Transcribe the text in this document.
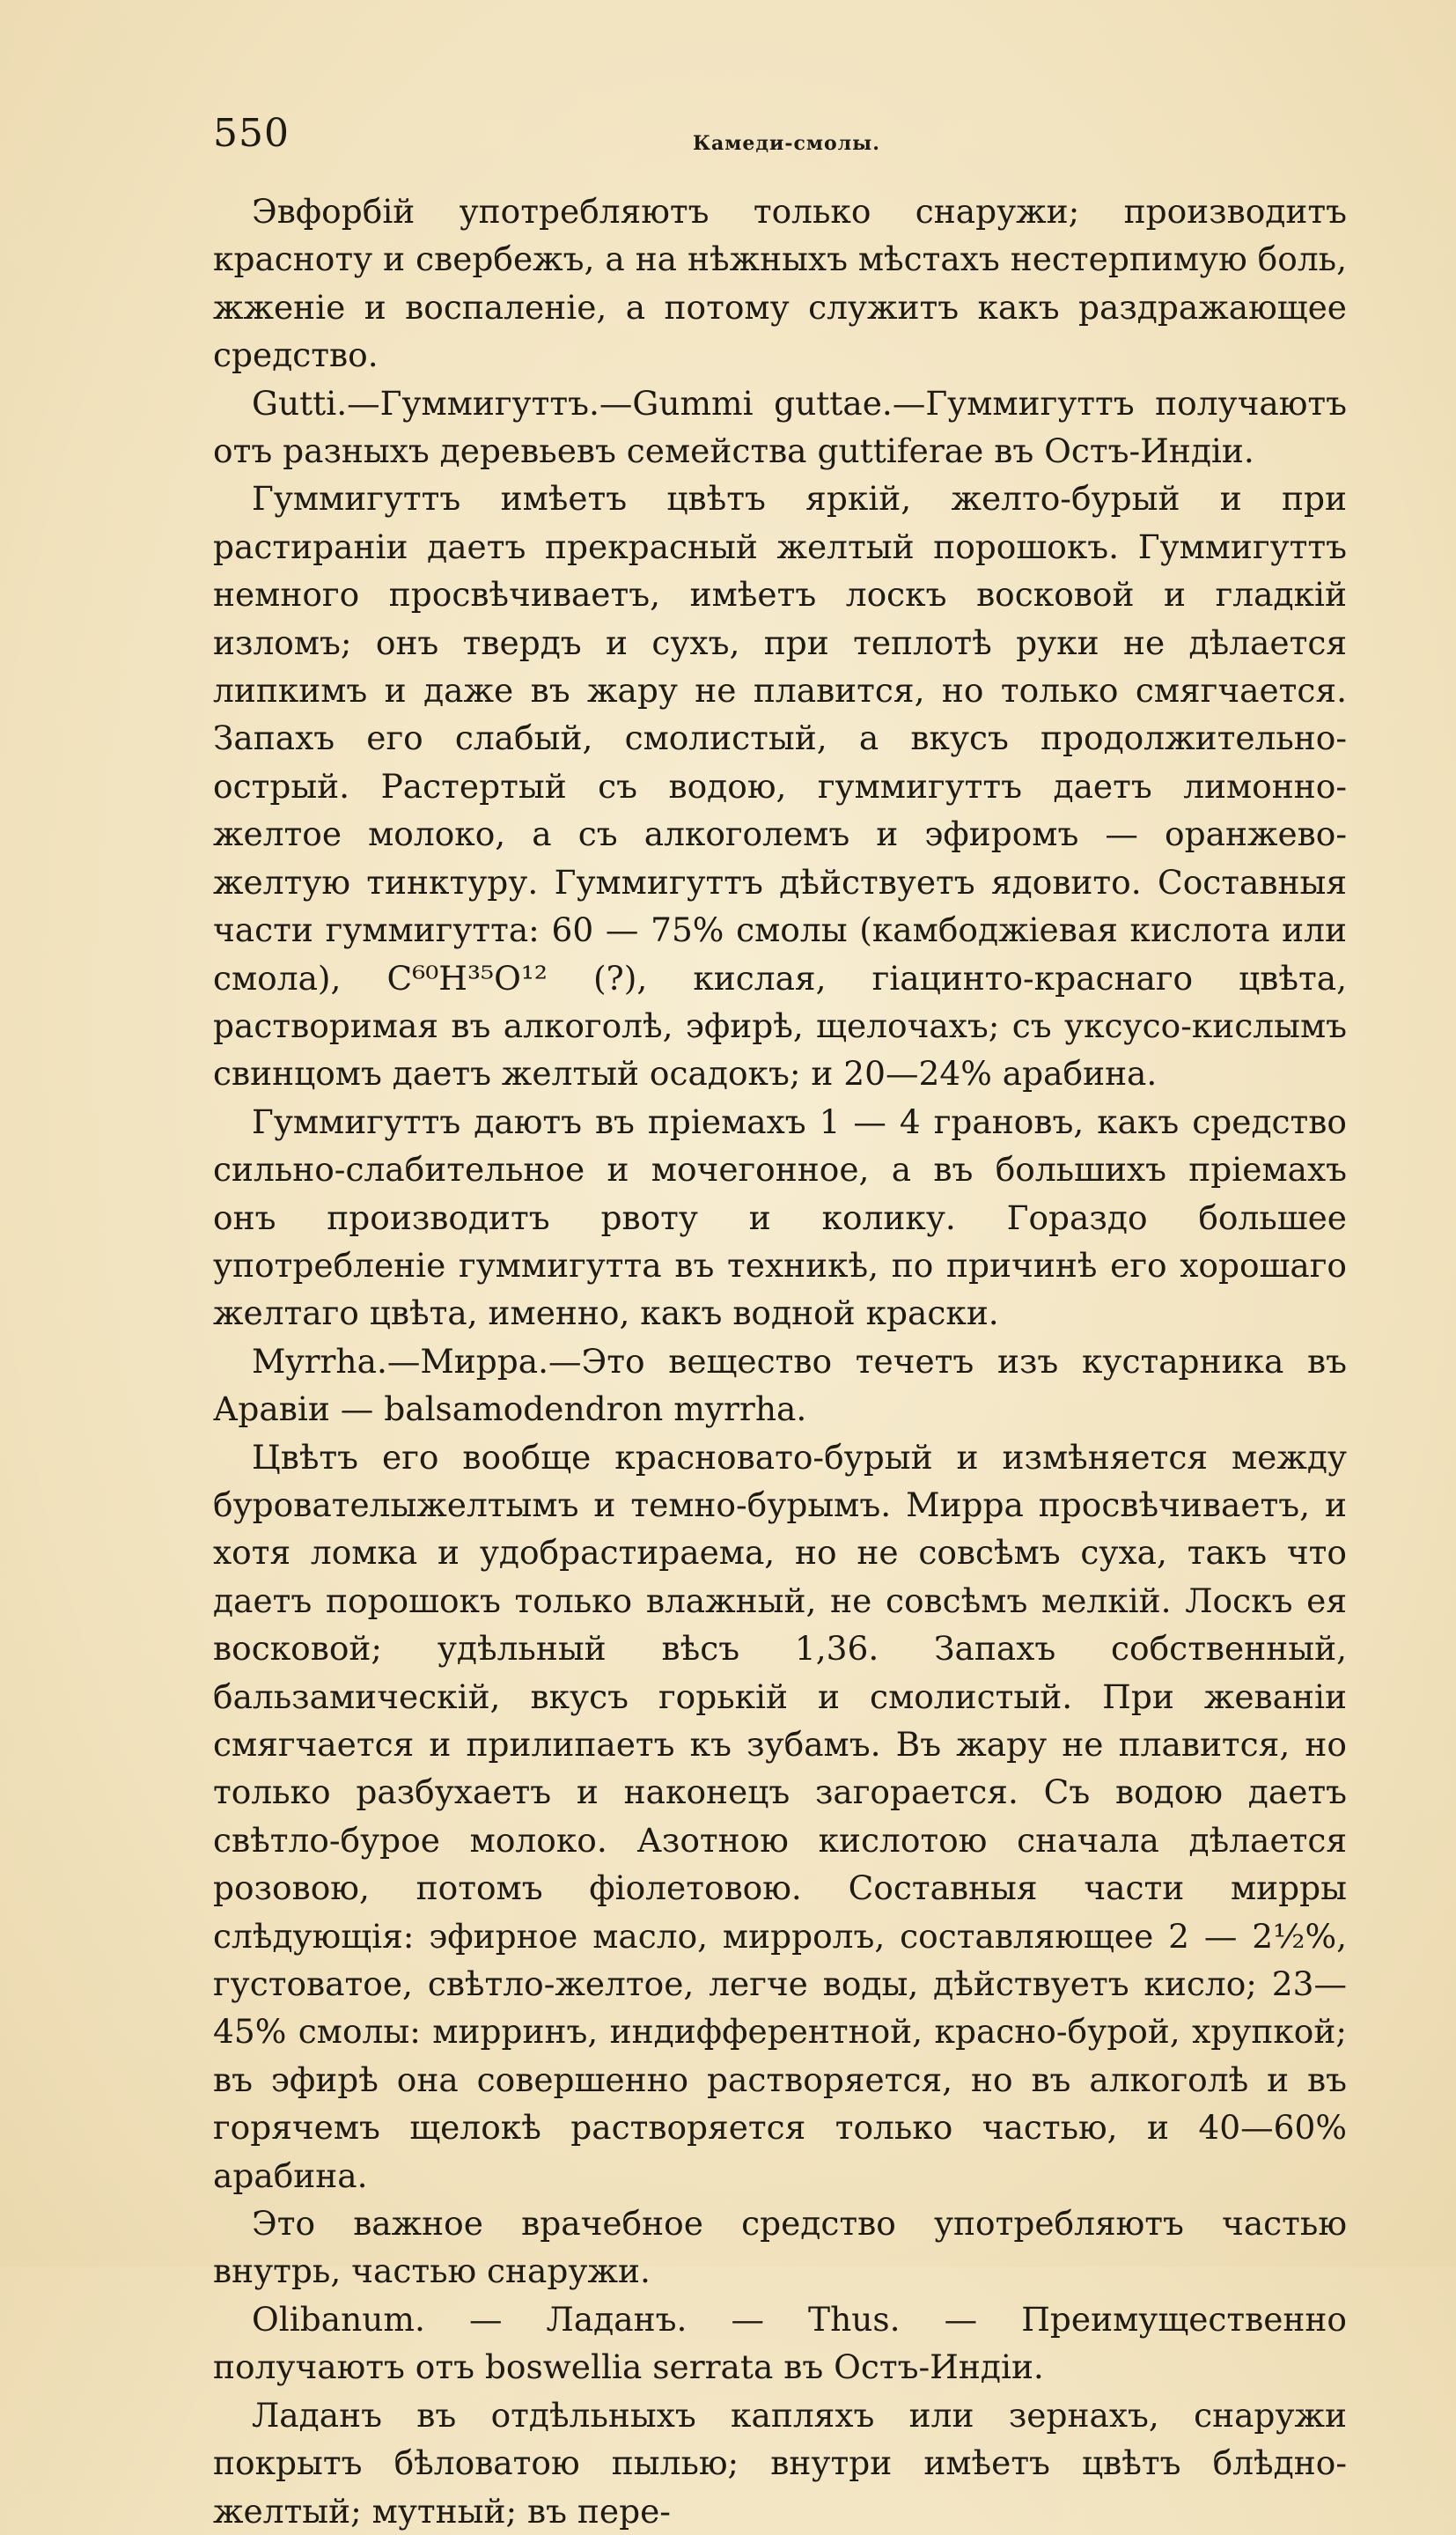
550	Камеди-смолы.

Эвфорбій употребляютъ только снаружи; производитъ красноту и свербежъ, а на нѣжныхъ мѣстахъ нестерпимую боль, жженіе и воспаленіе, а потому служитъ какъ раздражающее средство.

Gutti.—Гуммигуттъ.—Gummi guttae.—Гуммигуттъ получаютъ отъ разныхъ деревьевъ семейства guttiferae въ Остъ-Индіи.

Гуммигуттъ имѣетъ цвѣтъ яркій, желто-бурый и при растираніи даетъ прекрасный желтый порошокъ. Гуммигуттъ немного просвѣчиваетъ, имѣетъ лоскъ восковой и гладкій изломъ; онъ твердъ и сухъ, при теплотѣ руки не дѣлается липкимъ и даже въ жару не плавится, но только смягчается. Запахъ его слабый, смолистый, а вкусъ продолжительно-острый. Растертый съ водою, гуммигуттъ даетъ лимонно-желтое молоко, а съ алкоголемъ и эфиромъ — оранжево-желтую тинктуру. Гуммигуттъ дѣйствуетъ ядовито. Составныя части гуммигутта: 60 — 75% смолы (камбоджіевая кислота или смола), C⁶⁰H³⁵O¹² (?), кислая, гіацинто-краснаго цвѣта, растворимая въ алкоголѣ, эфирѣ, щелочахъ; съ уксусо-кислымъ свинцомъ даетъ желтый осадокъ; и 20—24% арабина.

Гуммигуттъ даютъ въ пріемахъ 1 — 4 грановъ, какъ средство сильно-слабительное и мочегонное, а въ большихъ пріемахъ онъ производитъ рвоту и колику. Гораздо большее употребленіе гуммигутта въ техникѣ, по причинѣ его хорошаго желтаго цвѣта, именно, какъ водной краски.

Myrrha.—Мирра.—Это вещество течетъ изъ кустарника въ Аравіи — balsamodendron myrrha.

Цвѣтъ его вообще красновато-бурый и измѣняется между бурователыжелтымъ и темно-бурымъ. Мирра просвѣчиваетъ, и хотя ломка и удобрастираема, но не совсѣмъ суха, такъ что даетъ порошокъ только влажный, не совсѣмъ мелкій. Лоскъ ея восковой; удѣльный вѣсъ 1,36. Запахъ собственный, бальзамическій, вкусъ горькій и смолистый. При жеваніи смягчается и прилипаетъ къ зубамъ. Въ жару не плавится, но только разбухаетъ и наконецъ загорается. Съ водою даетъ свѣтло-бурое молоко. Азотною кислотою сначала дѣлается розовою, потомъ фіолетовою. Составныя части мирры слѣдующія: эфирное масло, мирролъ, составляющее 2 — 2½%, густоватое, свѣтло-желтое, легче воды, дѣйствуетъ кисло; 23—45% смолы: мирринъ, индифферентной, красно-бурой, хрупкой; въ эфирѣ она совершенно растворяется, но въ алкоголѣ и въ горячемъ щелокѣ растворяется только частью, и 40—60% арабина.

Это важное врачебное средство употребляютъ частью внутрь, частью снаружи.

Olibanum. — Ладанъ. — Thus. — Преимущественно получаютъ отъ boswellia serrata въ Остъ-Индіи.

Ладанъ въ отдѣльныхъ капляхъ или зернахъ, снаружи покрытъ бѣловатою пылью; внутри имѣетъ цвѣтъ блѣдно-желтый; мутный; въ пере-
